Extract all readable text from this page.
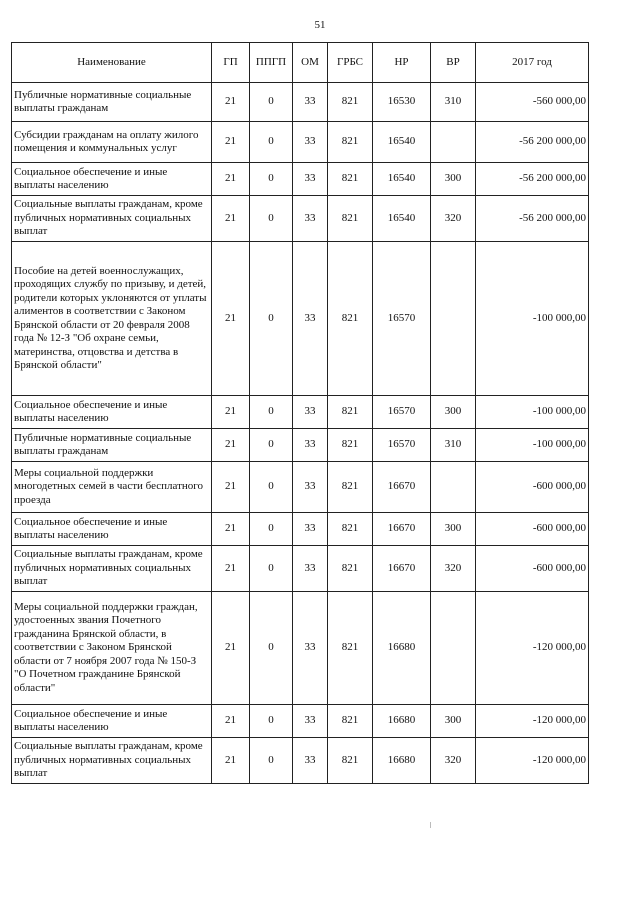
51
Наименование	ГП	ППГП	ОМ	ГРБС	НР	ВР	2017 год
Публичные нормативные социальные выплаты гражданам	21	0	33	821	16530	310	-560 000,00
Субсидии гражданам на оплату жилого помещения и коммунальных услуг	21	0	33	821	16540		-56 200 000,00
Социальное обеспечение и иные выплаты населению	21	0	33	821	16540	300	-56 200 000,00
Социальные выплаты гражданам, кроме публичных нормативных социальных выплат	21	0	33	821	16540	320	-56 200 000,00
Пособие на детей военнослужащих, проходящих службу по призыву, и детей, родители которых уклоняются от уплаты алиментов в соответствии с Законом Брянской области от 20 февраля 2008 года № 12-З "Об охране семьи, материнства, отцовства и детства в Брянской области"	21	0	33	821	16570		-100 000,00
Социальное обеспечение и иные выплаты населению	21	0	33	821	16570	300	-100 000,00
Публичные нормативные социальные выплаты гражданам	21	0	33	821	16570	310	-100 000,00
Меры социальной поддержки многодетных семей в части бесплатного проезда	21	0	33	821	16670		-600 000,00
Социальное обеспечение и иные выплаты населению	21	0	33	821	16670	300	-600 000,00
Социальные выплаты гражданам, кроме публичных нормативных социальных выплат	21	0	33	821	16670	320	-600 000,00
Меры социальной поддержки граждан, удостоенных звания Почетного гражданина Брянской области, в соответствии с Законом Брянской области от 7 ноября 2007 года № 150-З "О Почетном гражданине Брянской области"	21	0	33	821	16680		-120 000,00
Социальное обеспечение и иные выплаты населению	21	0	33	821	16680	300	-120 000,00
Социальные выплаты гражданам, кроме публичных нормативных социальных выплат	21	0	33	821	16680	320	-120 000,00
